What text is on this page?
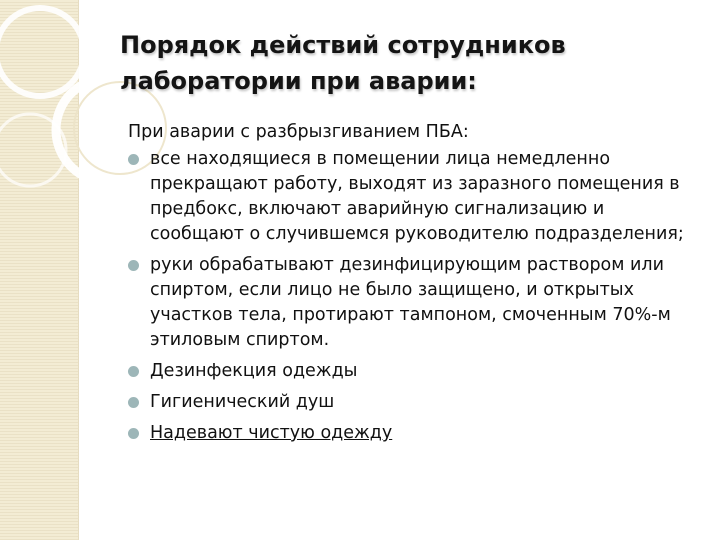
Порядок действий сотрудников лаборатории при аварии:

При аварии с разбрызгиванием ПБА:

все находящиеся в помещении лица немедленно прекращают работу, выходят из заразного помещения в предбокс, включают аварийную сигнализацию и сообщают о случившемся руководителю подразделения;
руки обрабатывают дезинфицирующим раствором или спиртом, если лицо не было защищено, и открытых участков тела, протирают тампоном, смоченным 70%-м этиловым спиртом.
Дезинфекция одежды
Гигиенический душ
Надевают чистую одежду
